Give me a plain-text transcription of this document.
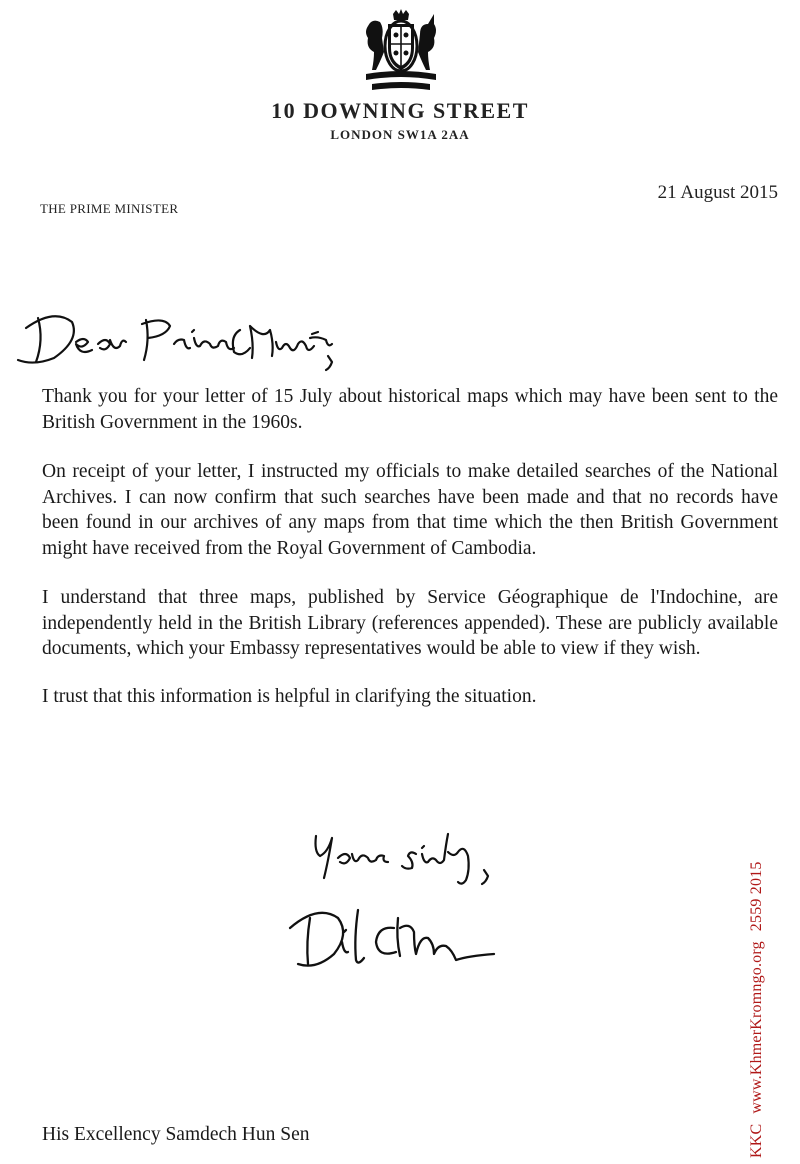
10 DOWNING STREET
LONDON SW1A 2AA
THE PRIME MINISTER
21 August 2015

Thank you for your letter of 15 July about historical maps which may have been sent to the British Government in the 1960s.

On receipt of your letter, I instructed my officials to make detailed searches of the National Archives. I can now confirm that such searches have been made and that no records have been found in our archives of any maps from that time which the then British Government might have received from the Royal Government of Cambodia.

I understand that three maps, published by Service Géographique de l'Indochine, are independently held in the British Library (references appended). These are publicly available documents, which your Embassy representatives would be able to view if they wish.

I trust that this information is helpful in clarifying the situation.

His Excellency Samdech Hun Sen	KKCwww.KhmerKromngo.org2559 2015
